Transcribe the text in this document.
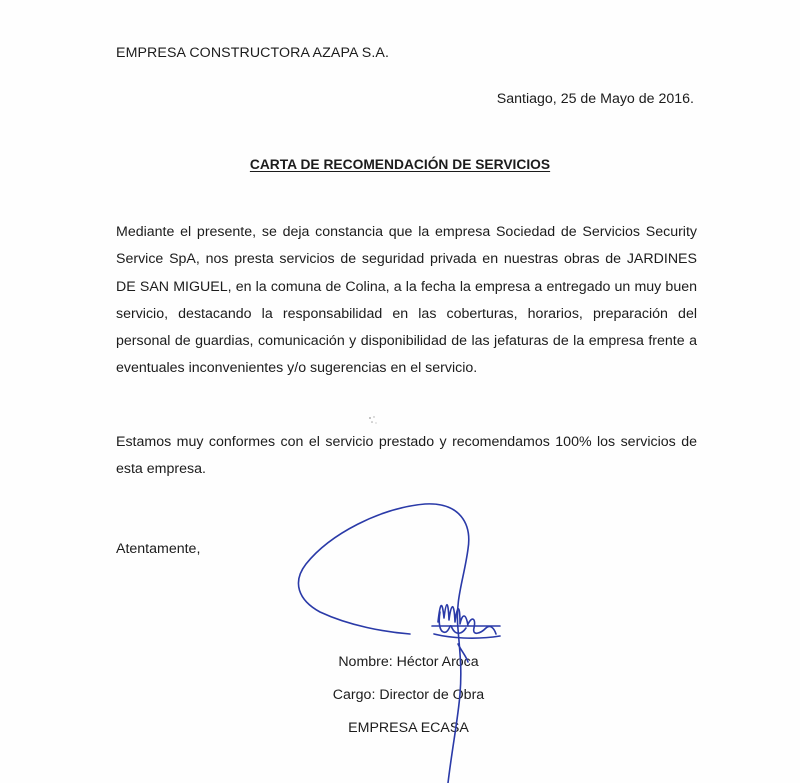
EMPRESA CONSTRUCTORA AZAPA S.A.
Santiago, 25 de Mayo de 2016.
CARTA DE RECOMENDACIÓN DE SERVICIOS

Mediante el presente, se deja constancia que la empresa Sociedad de Servicios Security Service SpA, nos presta servicios de seguridad privada en nuestras obras de JARDINES DE SAN MIGUEL, en la comuna de Colina, a la fecha la empresa a entregado un muy buen servicio, destacando la responsabilidad en las coberturas, horarios, preparación del personal de guardias, comunicación y disponibilidad de las jefaturas de la empresa frente a eventuales inconvenientes y/o sugerencias en el servicio.

Estamos muy conformes con el servicio prestado y recomendamos 100% los servicios de esta empresa.

Atentamente,
Nombre: Héctor Aroca
Cargo: Director de Obra
EMPRESA ECASA
